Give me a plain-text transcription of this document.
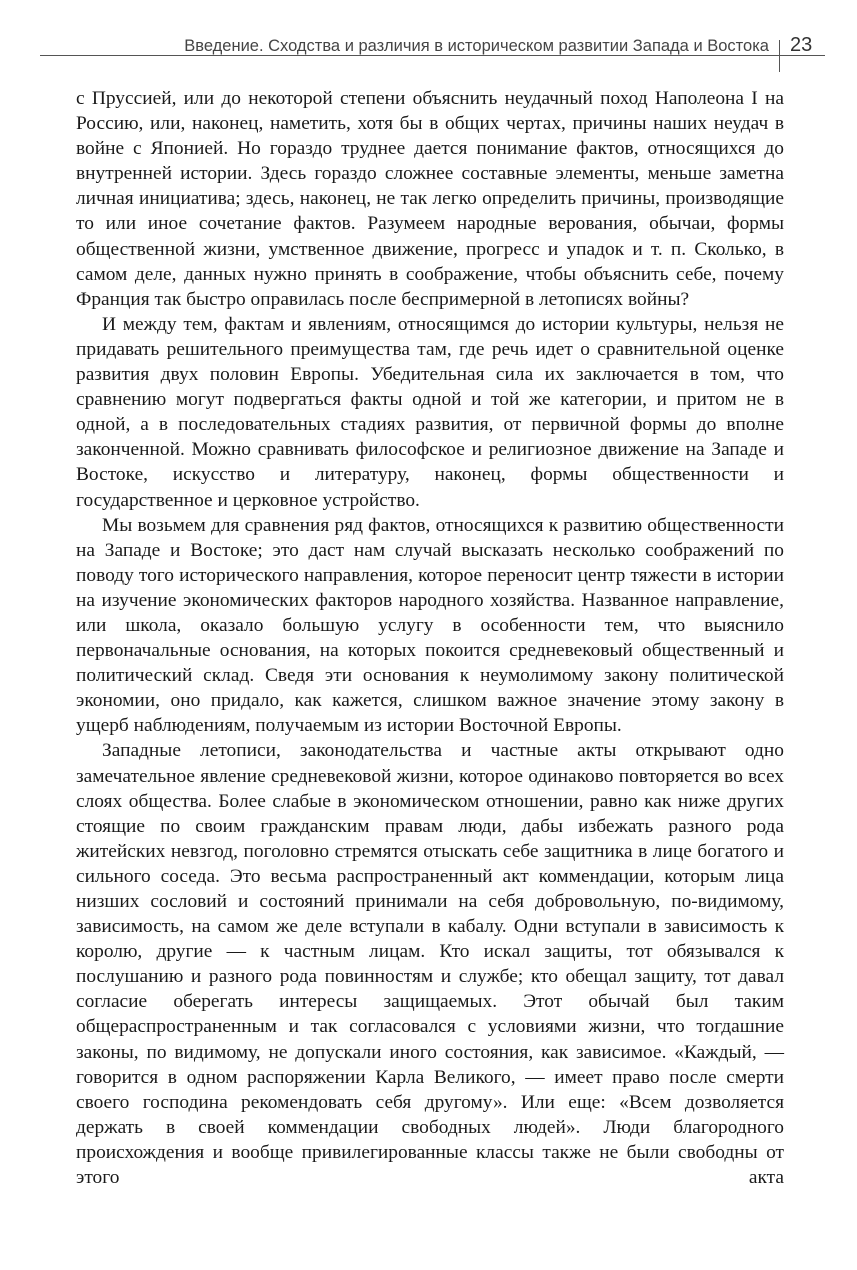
Введение. Сходства и различия в историческом развитии Запада и Востока 23

с Пруссией, или до некоторой степени объяснить неудачный поход Наполеона I на Россию, или, наконец, наметить, хотя бы в общих чертах, причины наших неудач в войне с Японией. Но гораздо труднее дается понимание фактов, относящихся до внутренней истории. Здесь гораздо сложнее составные элементы, меньше заметна личная инициатива; здесь, наконец, не так легко определить причины, производящие то или иное сочетание фактов. Разумеем народные верования, обычаи, формы общественной жизни, умственное движение, прогресс и упадок и т. п. Сколько, в самом деле, данных нужно принять в соображение, чтобы объяснить себе, почему Франция так быстро оправилась после беспримерной в летописях войны?

И между тем, фактам и явлениям, относящимся до истории культуры, нельзя не придавать решительного преимущества там, где речь идет о сравнительной оценке развития двух половин Европы. Убедительная сила их заключается в том, что сравнению могут подвергаться факты одной и той же категории, и притом не в одной, а в последовательных стадиях развития, от первичной формы до вполне законченной. Можно сравнивать философское и религиозное движение на Западе и Востоке, искусство и литературу, наконец, формы общественности и государственное и церковное устройство.

Мы возьмем для сравнения ряд фактов, относящихся к развитию общественности на Западе и Востоке; это даст нам случай высказать несколько соображений по поводу того исторического направления, которое переносит центр тяжести в истории на изучение экономических факторов народного хозяйства. Названное направление, или школа, оказало большую услугу в особенности тем, что выяснило первоначальные основания, на которых покоится средневековый общественный и политический склад. Сведя эти основания к неумолимому закону политической экономии, оно придало, как кажется, слишком важное значение этому закону в ущерб наблюдениям, получаемым из истории Восточной Европы.

Западные летописи, законодательства и частные акты открывают одно замечательное явление средневековой жизни, которое одинаково повторяется во всех слоях общества. Более слабые в экономическом отношении, равно как ниже других стоящие по своим гражданским правам люди, дабы избежать разного рода житейских невзгод, поголовно стремятся отыскать себе защитника в лице богатого и сильного соседа. Это весьма распространенный акт коммендации, которым лица низших сословий и состояний принимали на себя добровольную, по-видимому, зависимость, на самом же деле вступали в кабалу. Одни вступали в зависимость к королю, другие — к частным лицам. Кто искал защиты, тот обязывался к послушанию и разного рода повинностям и службе; кто обещал защиту, тот давал согласие оберегать интересы защищаемых. Этот обычай был таким общераспространенным и так согласовался с условиями жизни, что тогдашние законы, по видимому, не допускали иного состояния, как зависимое. «Каждый, — говорится в одном распоряжении Карла Великого, — имеет право после смерти своего господина рекомендовать себя другому». Или еще: «Всем дозволяется держать в своей коммендации свободных людей». Люди благородного происхождения и вообще привилегированные классы также не были свободны от этого акта
